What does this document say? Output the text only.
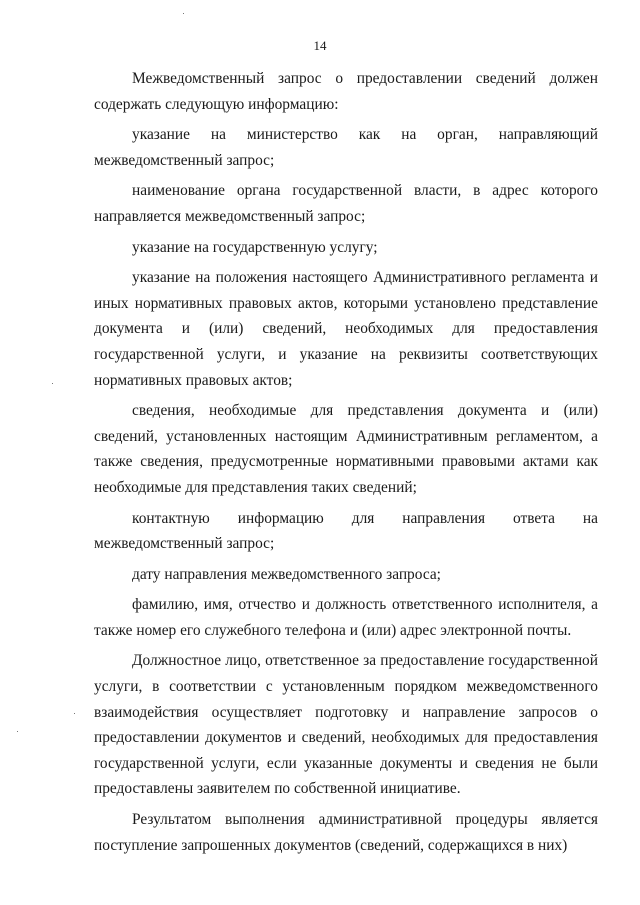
14

Межведомственный запрос о предоставлении сведений должен содержать следующую информацию:

указание на министерство как на орган, направляющий межведомственный запрос;

наименование органа государственной власти, в адрес которого направляется межведомственный запрос;

указание на государственную услугу;

указание на положения настоящего Административного регламента и иных нормативных правовых актов, которыми установлено представление документа и (или) сведений, необходимых для предоставления государственной услуги, и указание на реквизиты соответствующих нормативных правовых актов;

сведения, необходимые для представления документа и (или) сведений, установленных настоящим Административным регламентом, а также сведения, предусмотренные нормативными правовыми актами как необходимые для представления таких сведений;

контактную информацию для направления ответа на межведомственный запрос;

дату направления межведомственного запроса;

фамилию, имя, отчество и должность ответственного исполнителя, а также номер его служебного телефона и (или) адрес электронной почты.

Должностное лицо, ответственное за предоставление государственной услуги, в соответствии с установленным порядком межведомственного взаимодействия осуществляет подготовку и направление запросов о предоставлении документов и сведений, необходимых для предоставления государственной услуги, если указанные документы и сведения не были предоставлены заявителем по собственной инициативе.

Результатом выполнения административной процедуры является поступление запрошенных документов (сведений, содержащихся в них)
